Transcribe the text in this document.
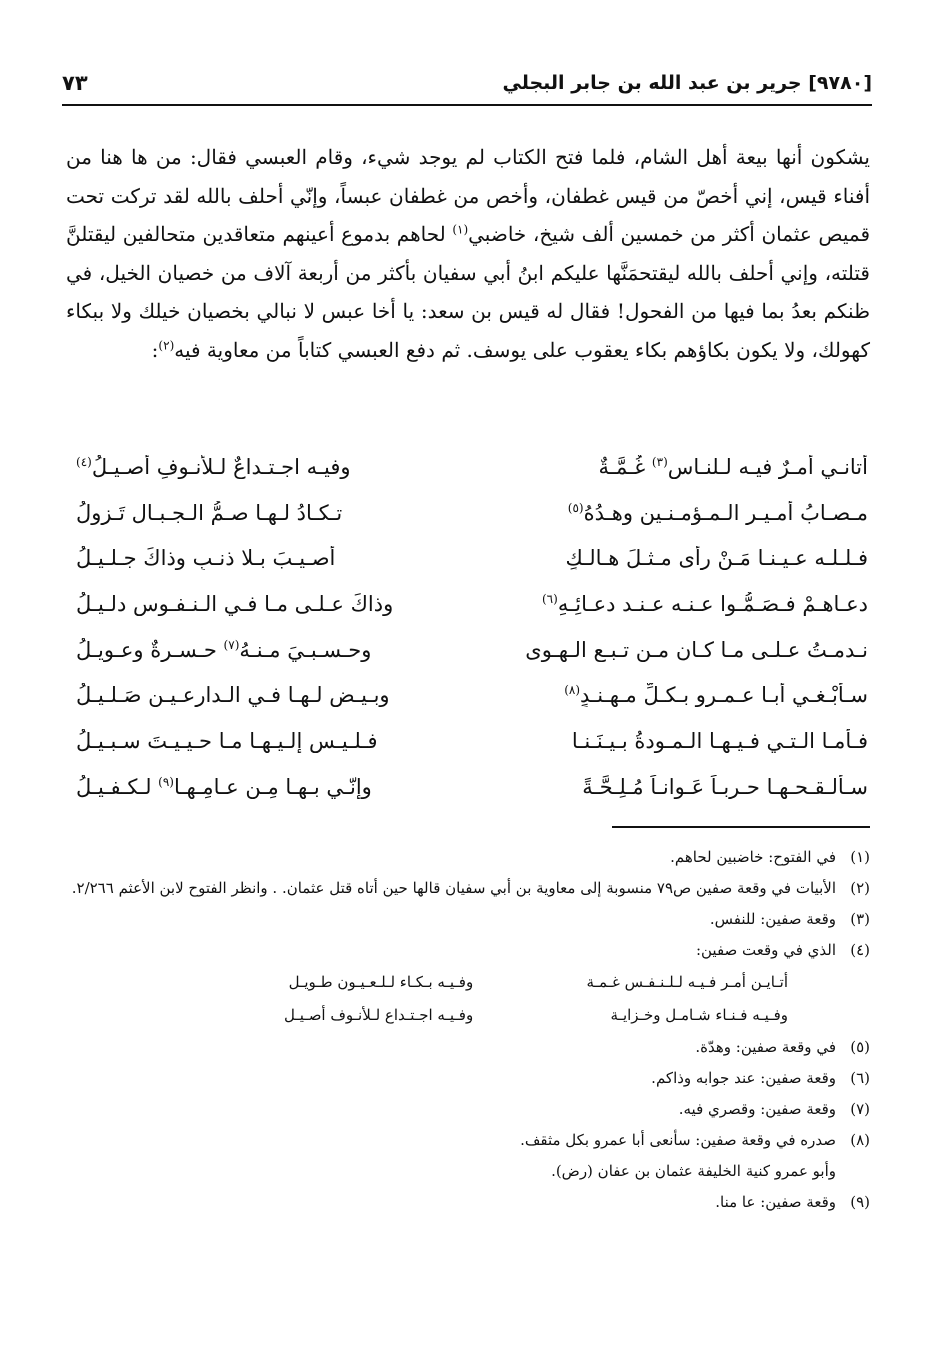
[٩٧٨٠] جرير بن عبد الله بن جابر البجلي
٧٣

يشكون أنها بيعة أهل الشام، فلما فتح الكتاب لم يوجد شيء، وقام العبسي فقال: من ها هنا من أفناء قيس، إني أخصّ من قيس غطفان، وأخص من غطفان عبساً، وإنّي أحلف بالله لقد تركت تحت قميص عثمان أكثر من خمسين ألف شيخ، خاضبي$^{(١)}$ لحاهم بدموع أعينهم متعاقدين متحالفين ليقتلنَّ قتلته، وإني أحلف بالله ليقتحمَنَّها عليكم ابنُ أبي سفيان بأكثر من أربعة آلاف من خصيان الخيل، في ظنكم بعدُ بما فيها من الفحول! فقال له قيس بن سعد: يا أخا عبس لا نبالي بخصيان خيلك ولا ببكاء كهولك، ولا يكون بكاؤهم بكاء يعقوب على يوسف. ثم دفع العبسي كتاباً من معاوية فيه$^{(٢)}$:

أتانـي أمـرٌ فيـه لـلنـاسِ$^{(٣)}$ غُـمَّـةٌ
وفيـه اجـتـداعٌ لـلأنـوفِ أصـيـلُ$^{(٤)}$
مـصـابُ أمـيـر الـمـؤمـنـين وهـدُهُ$^{(٥)}$
تـكـادُ لـهـا صـمُّ الـجـبـالِ تَـزولُ
فـلـلـه عـيـنـا مَـنْ رأى مـثـلَ هـالـكٍ
أُصـيـبَ بـلا ذنـبٍ وذاكَ جـلـيـلُ
دعـاهـمْ فـصَـمُّـوا عـنـه عـنـد دعـائِـهِ$^{(٦)}$
وذاكَ عـلـى مـا فـي الـنـفـوسِ دلـيـلُ
نـدمـتُ عـلـى مـا كـان مـن تـبـعِ الـهـوى
وحـسـبـيَ مـنـهُ$^{(٧)}$ حـسـرةٌ وعـويـلُ
سـأبْـغـي أبـا عـمـرٍو بـكـلِّ مـهـنـدٍ$^{(٨)}$
وبـيـض لـهـا فـي الـدارعـيـن صَـلـيـلُ
فـأمـا الـتـي فـيـهـا الـمـودةُ بـيـنَـنـا
فـلـيـس إلـيـهـا مـا حـيـيـتَ سـبـيـلُ
سـأُلـقـحـهـا حـربـاً عَـوانـاً مُـلِـحَّـةً
وإنّـي بـهـا مِـن عـامِـهـا$^{(٩)}$ لـكـفـيـلُ
(١)
في الفتوح: خاضبين لحاهم.
(٢)
الأبيات في وقعة صفين ص٧٩ منسوبة إلى معاوية بن أبي سفيان قالها حين أتاه قتل عثمان. . وانظر الفتوح لابن الأعثم ٢/٢٦٦.
(٣)
وقعة صفين: للنفس.
(٤)
الذي في وقعت صفين:
أتـايـن أمـر فـيـه لـلـنـفـس غـمـة
وفـيـه بـكـاء لـلـعـيـون طـويـل
وفـيـه فـنـاء شـامـل وخـزايـة
وفـيـه اجـتـداع لـلأنـوف أصـيـل
(٥)
في وقعة صفين: وهدّة.
(٦)
وقعة صفين: عند جوابه وذاكم.
(٧)
وقعة صفين: وقصري فيه.
(٨)
صدره في وقعة صفين: سأنعى أبا عمرو بكل مثقف.
وأبو عمرو كنية الخليفة عثمان بن عفان (رض).
(٩)
وقعة صفين: عا منا.
